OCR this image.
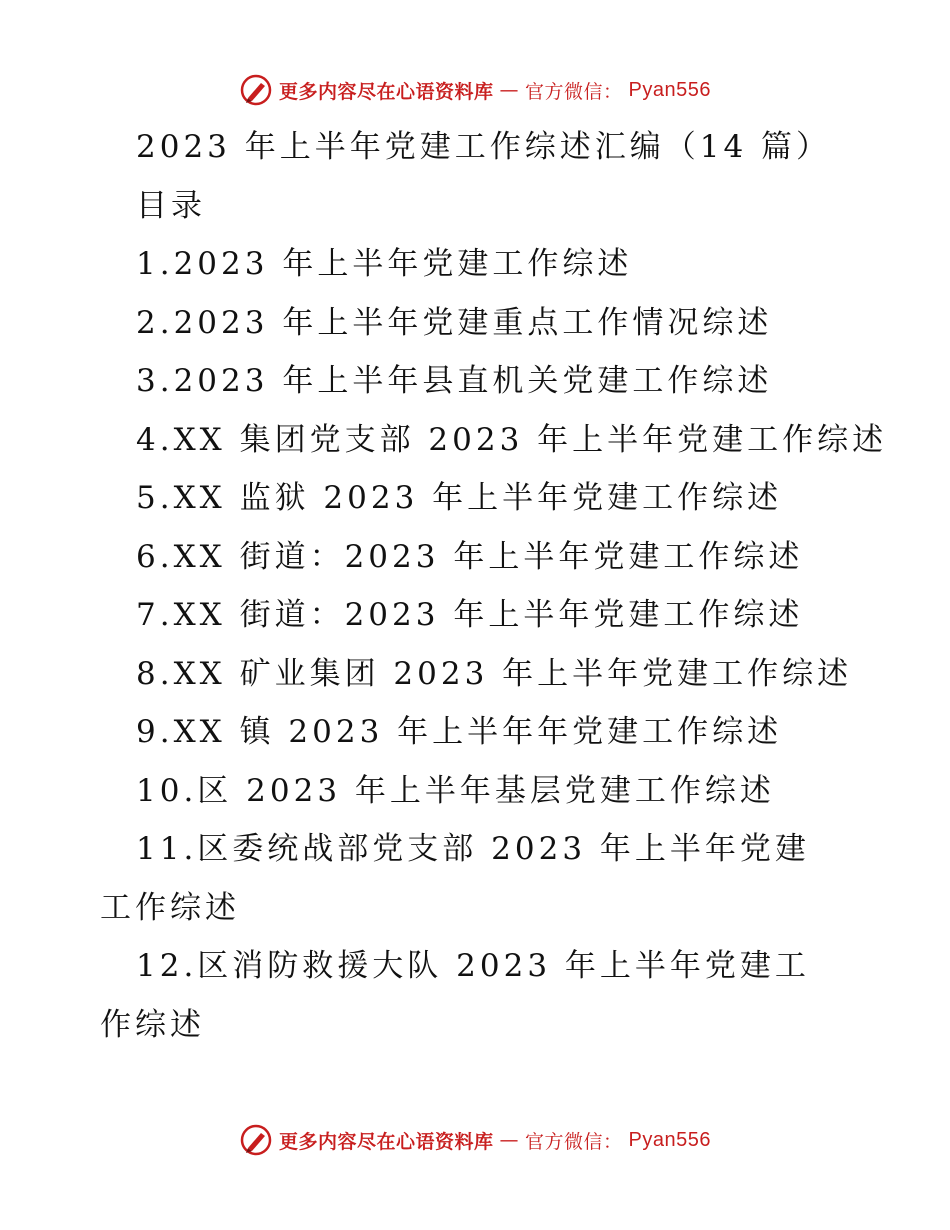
更多内容尽在心语资料库 — 官方微信： Pyan556
2023 年上半年党建工作综述汇编（14 篇）
目录
1.2023 年上半年党建工作综述
2.2023 年上半年党建重点工作情况综述
3.2023 年上半年县直机关党建工作综述
4.XX 集团党支部 2023 年上半年党建工作综述
5.XX 监狱 2023 年上半年党建工作综述
6.XX 街道：2023 年上半年党建工作综述
7.XX 街道：2023 年上半年党建工作综述
8.XX 矿业集团 2023 年上半年党建工作综述
9.XX 镇 2023 年上半年年党建工作综述
10.区 2023 年上半年基层党建工作综述
11.区委统战部党支部 2023 年上半年党建工作综述
12.区消防救援大队 2023 年上半年党建工作综述
更多内容尽在心语资料库 — 官方微信： Pyan556
